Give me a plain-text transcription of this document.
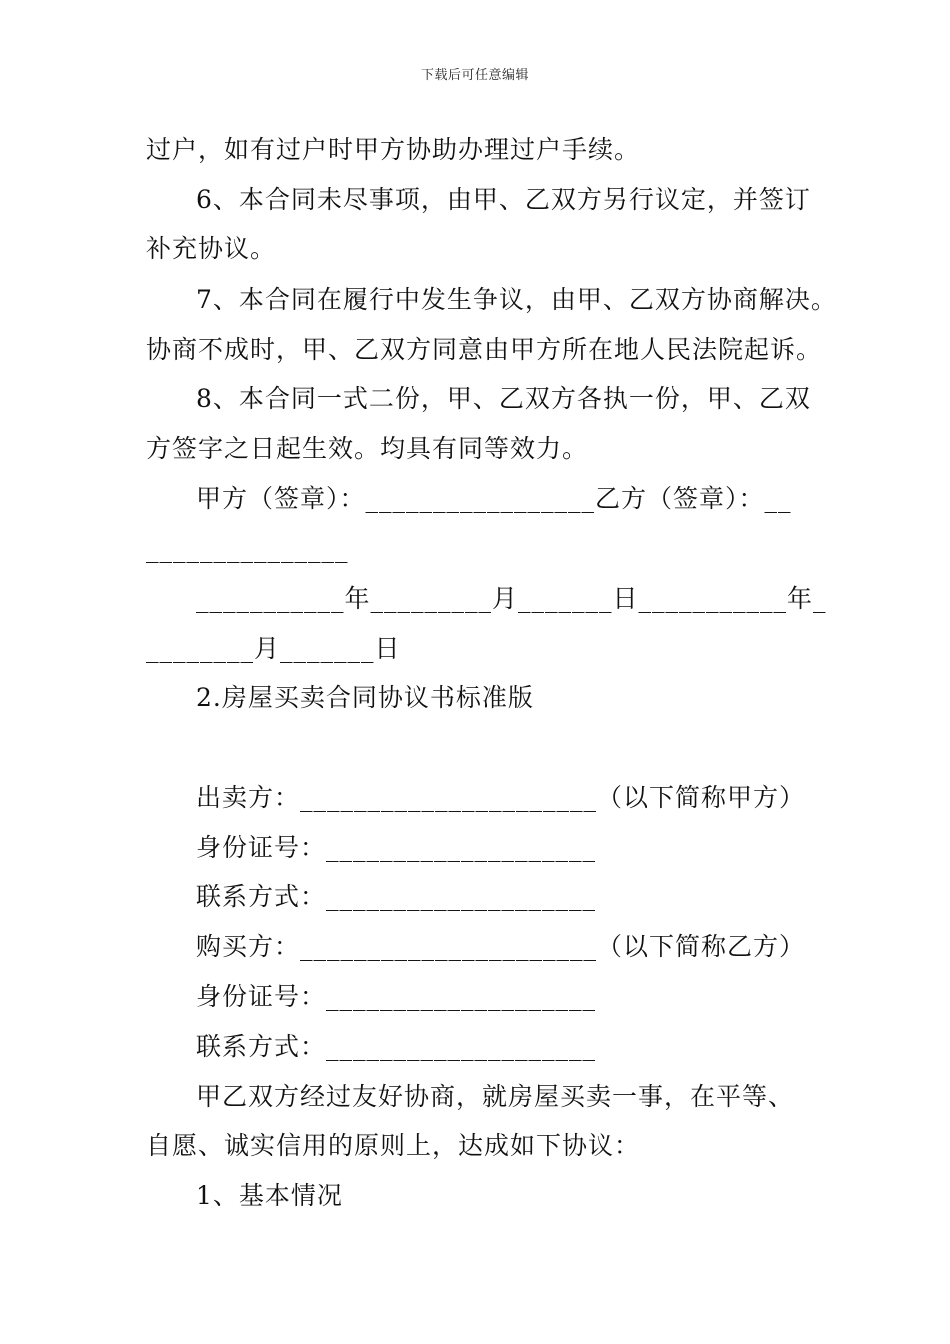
下载后可任意编辑
过户，如有过户时甲方协助办理过户手续。
6、本合同未尽事项，由甲、乙双方另行议定，并签订
补充协议。
7、本合同在履行中发生争议，由甲、乙双方协商解决。
协商不成时，甲、乙双方同意由甲方所在地人民法院起诉。
8、本合同一式二份，甲、乙双方各执一份，甲、乙双
方签字之日起生效。均具有同等效力。
甲方（签章）：_________________乙方（签章）：__
_______________
___________年_________月_______日___________年_
________月_______日
2.房屋买卖合同协议书标准版
出卖方：______________________（以下简称甲方）
身份证号：____________________
联系方式：____________________
购买方：______________________（以下简称乙方）
身份证号：____________________
联系方式：____________________
甲乙双方经过友好协商，就房屋买卖一事，在平等、
自愿、诚实信用的原则上，达成如下协议：
1、基本情况
